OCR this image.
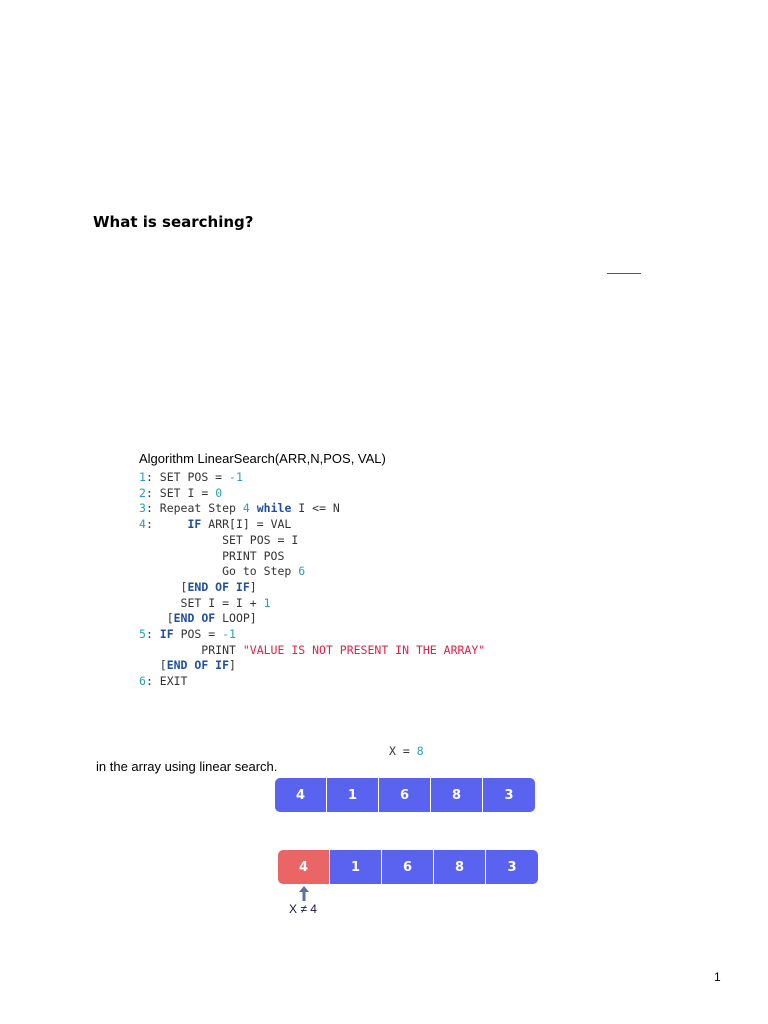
What is searching?
Algorithm LinearSearch(ARR,N,POS, VAL)
1: SET POS = -1
2: SET I = 0
3: Repeat Step 4 while I <= N
4:     IF ARR[I] = VAL
SET POS = I
PRINT POS
Go to Step 6
[END OF IF]
SET I = I + 1
[END OF LOOP]
5: IF POS = -1
PRINT "VALUE IS NOT PRESENT IN THE ARRAY"
[END OF IF]
6: EXIT
X = 8
in the array using linear search.
4	1	6	8	3
4	1	6	8	3
X ≠ 4
1
